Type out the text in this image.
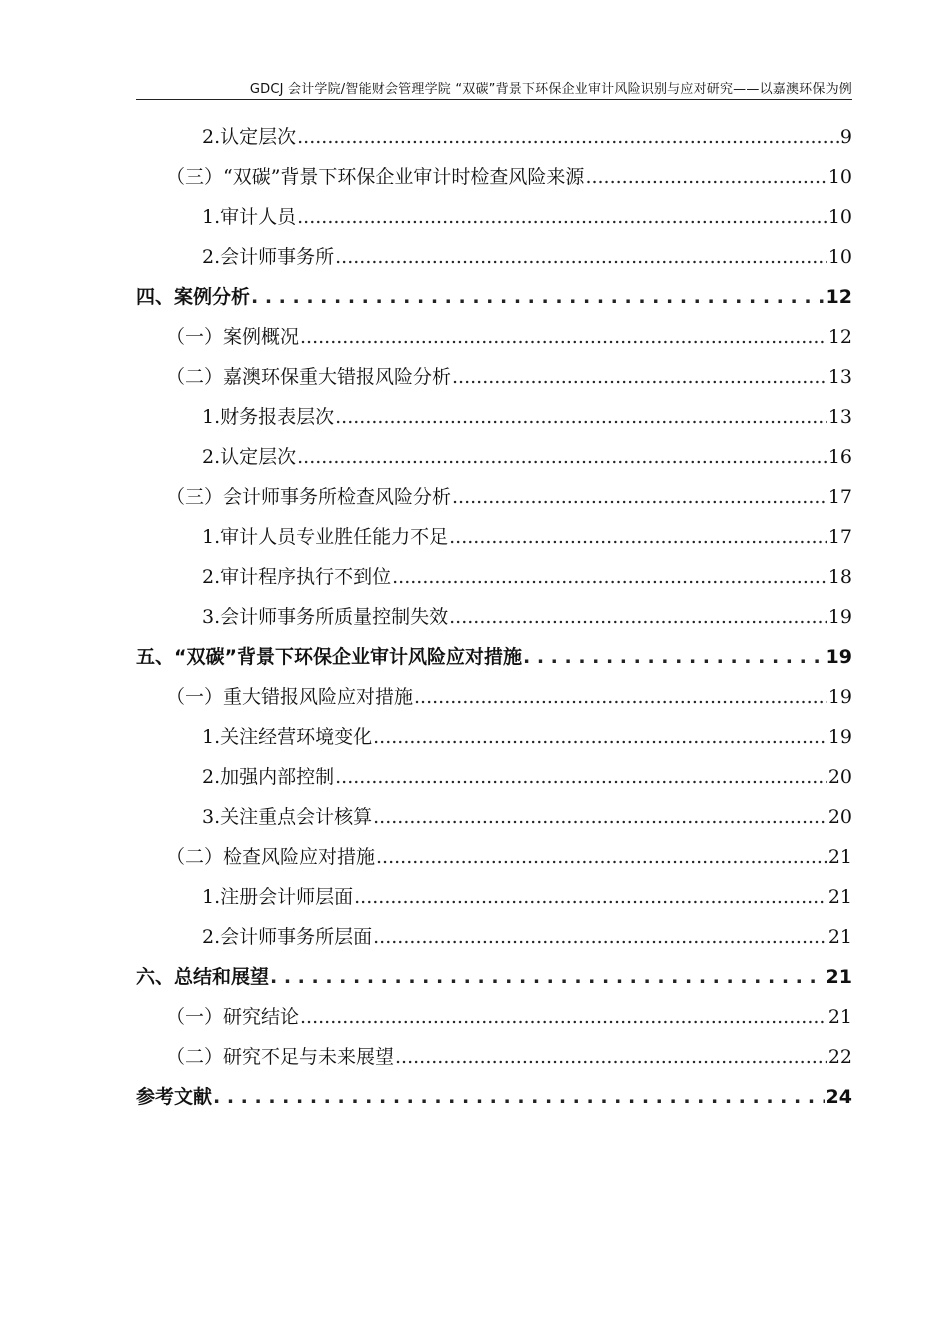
GDCJ 会计学院/智能财会管理学院 “双碳”背景下环保企业审计风险识别与应对研究——以嘉澳环保为例
2.认定层次 .....	9
（三）“双碳”背景下环保企业审计时检查风险来源 .....	10
1.审计人员 .....	10
2.会计师事务所 .....	10
四、案例分析 . . .	12
（一）案例概况 .....	12
（二）嘉澳环保重大错报风险分析 .....	13
1.财务报表层次 .....	13
2.认定层次 .....	16
（三）会计师事务所检查风险分析 .....	17
1.审计人员专业胜任能力不足 .....	17
2.审计程序执行不到位 .....	18
3.会计师事务所质量控制失效 .....	19
五、“双碳”背景下环保企业审计风险应对措施 . . .	19
（一）重大错报风险应对措施 .....	19
1.关注经营环境变化 .....	19
2.加强内部控制 .....	20
3.关注重点会计核算 .....	20
（二）检查风险应对措施 .....	21
1.注册会计师层面 .....	21
2.会计师事务所层面 .....	21
六、总结和展望 . . .	21
（一）研究结论 .....	21
（二）研究不足与未来展望 .....	22
参考文献 . . .	24
